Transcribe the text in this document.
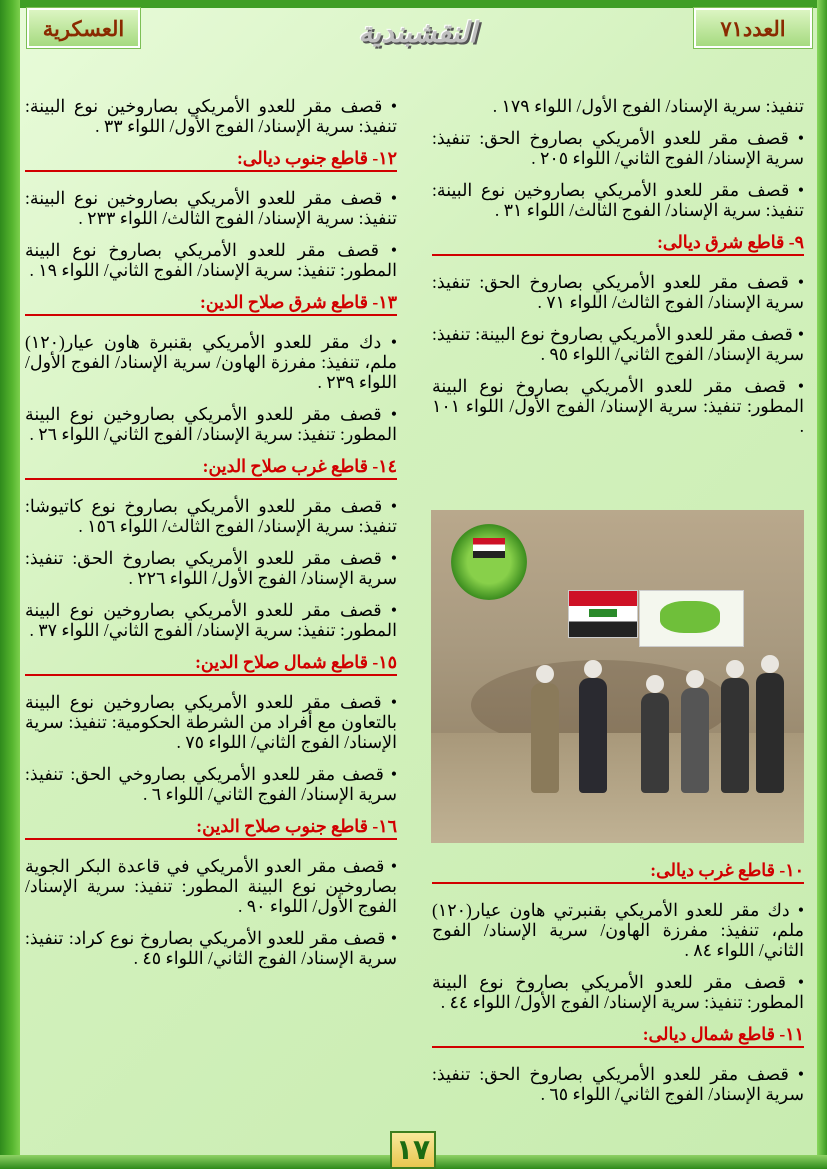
العسكرية	النقشبندية	العدد٧١
تنفيذ: سرية الإسناد/ الفوج الأول/ اللواء ١٧٩ .
• قصف مقر للعدو الأمريكي بصاروخ الحق: تنفيذ: سرية الإسناد/ الفوج الثاني/ اللواء ٢٠٥ .
• قصف مقر للعدو الأمريكي بصاروخين نوع البينة: تنفيذ: سرية الإسناد/ الفوج الثالث/ اللواء ٣١ .
٩- قاطع شرق ديالى:
• قصف مقر للعدو الأمريكي بصاروخ الحق: تنفيذ: سرية الإسناد/ الفوج الثالث/ اللواء ٧١ .
• قصف مقر للعدو الأمريكي بصاروخ نوع البينة: تنفيذ: سرية الإسناد/ الفوج الثاني/ اللواء ٩٥ .
• قصف مقر للعدو الأمريكي بصاروخ نوع البينة المطور: تنفيذ: سرية الإسناد/ الفوج الأول/ اللواء ١٠١ .
١٠- قاطع غرب ديالى:
• دك مقر للعدو الأمريكي بقنبرتي هاون عيار(١٢٠) ملم، تنفيذ: مفرزة الهاون/ سرية الإسناد/ الفوج الثاني/ اللواء ٨٤ .
• قصف مقر للعدو الأمريكي بصاروخ نوع البينة المطور: تنفيذ: سرية الإسناد/ الفوج الأول/ اللواء ٤٤ .
١١- قاطع شمال ديالى:
• قصف مقر للعدو الأمريكي بصاروخ الحق: تنفيذ: سرية الإسناد/ الفوج الثاني/ اللواء ٦٥ .
• قصف مقر للعدو الأمريكي بصاروخين نوع البينة: تنفيذ: سرية الإسناد/ الفوج الأول/ اللواء ٣٣ .
١٢- قاطع جنوب ديالى:
• قصف مقر للعدو الأمريكي بصاروخين نوع البينة: تنفيذ: سرية الإسناد/ الفوج الثالث/ اللواء ٢٣٣ .
• قصف مقر للعدو الأمريكي بصاروخ نوع البينة المطور: تنفيذ: سرية الإسناد/ الفوج الثاني/ اللواء ١٩ .
١٣- قاطع شرق صلاح الدين:
• دك مقر للعدو الأمريكي بقنبرة هاون عيار(١٢٠) ملم، تنفيذ: مفرزة الهاون/ سرية الإسناد/ الفوج الأول/ اللواء ٢٣٩ .
• قصف مقر للعدو الأمريكي بصاروخين نوع البينة المطور: تنفيذ: سرية الإسناد/ الفوج الثاني/ اللواء ٢٦ .
١٤- قاطع غرب صلاح الدين:
• قصف مقر للعدو الأمريكي بصاروخ نوع كاتيوشا: تنفيذ: سرية الإسناد/ الفوج الثالث/ اللواء ١٥٦ .
• قصف مقر للعدو الأمريكي بصاروخ الحق: تنفيذ: سرية الإسناد/ الفوج الأول/ اللواء ٢٢٦ .
• قصف مقر للعدو الأمريكي بصاروخين نوع البينة المطور: تنفيذ: سرية الإسناد/ الفوج الثاني/ اللواء ٣٧ .
١٥- قاطع شمال صلاح الدين:
• قصف مقر للعدو الأمريكي بصاروخين نوع البينة بالتعاون مع أفراد من الشرطة الحكومية: تنفيذ: سرية الإسناد/ الفوج الثاني/ اللواء ٧٥ .
• قصف مقر للعدو الأمريكي بصاروخي الحق: تنفيذ: سرية الإسناد/ الفوج الثاني/ اللواء ٦ .
١٦- قاطع جنوب صلاح الدين:
• قصف مقر العدو الأمريكي في قاعدة البكر الجوية بصاروخين نوع البينة المطور: تنفيذ: سرية الإسناد/ الفوج الأول/ اللواء ٩٠ .
• قصف مقر للعدو الأمريكي بصاروخ نوع كراد: تنفيذ: سرية الإسناد/ الفوج الثاني/ اللواء ٤٥ .
١٧
